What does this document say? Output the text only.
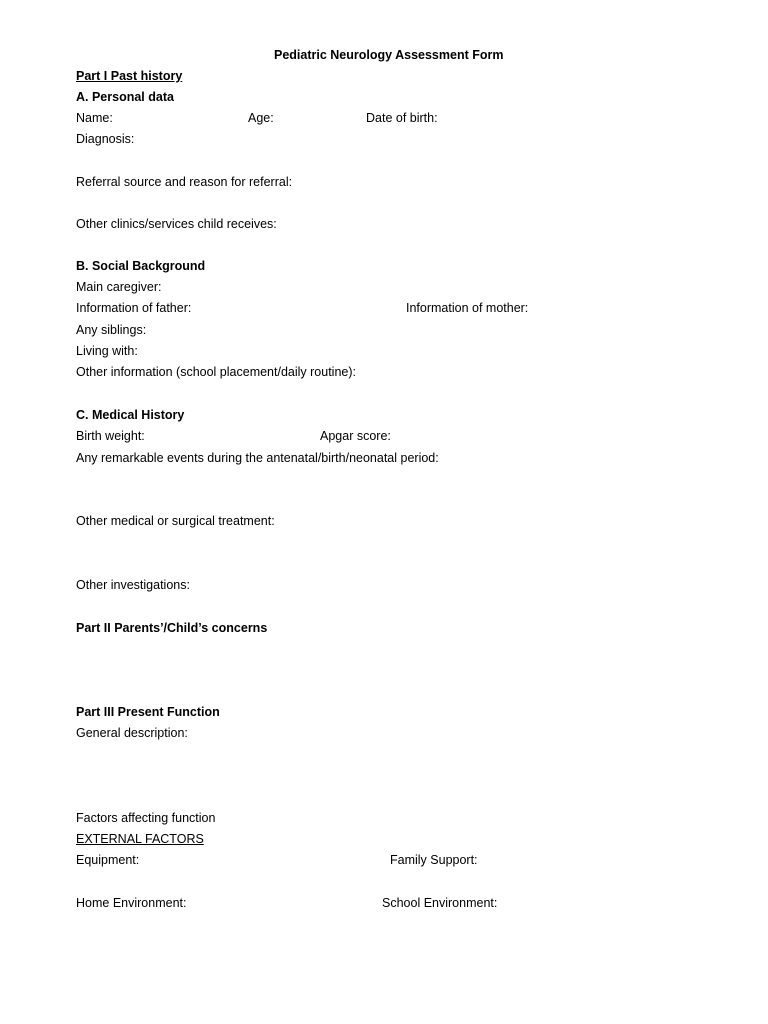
Pediatric Neurology Assessment Form
Part I Past history
A. Personal data
Name:	Age:	Date of birth:
Diagnosis:
Referral source and reason for referral:
Other clinics/services child receives:
B. Social Background
Main caregiver:
Information of father:	Information of mother:
Any siblings:
Living with:
Other information (school placement/daily routine):
C. Medical History
Birth weight:	Apgar score:
Any remarkable events during the antenatal/birth/neonatal period:
Other medical or surgical treatment:
Other investigations:
Part II Parents’/Child’s concerns
Part III Present Function
General description:
Factors affecting function
EXTERNAL FACTORS
Equipment:	Family Support:
Home Environment:	School Environment:
